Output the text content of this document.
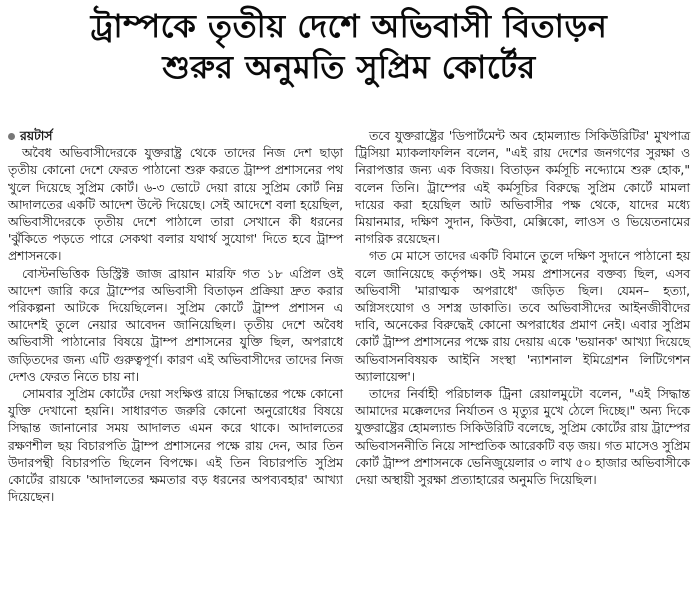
ট্রাম্পকে তৃতীয় দেশে অভিবাসী বিতাড়ন
শুরুর অনুমতি সুপ্রিম কোর্টের
রয়টার্স

অবৈধ অভিবাসীদেরকে যুক্তরাষ্ট্র থেকে তাদের নিজ দেশ ছাড়া তৃতীয় কোনো দেশে ফেরত পাঠানো শুরু করতে ট্রাম্প প্রশাসনের পথ খুলে দিয়েছে সুপ্রিম কোর্ট। ৬-৩ ভোটে দেয়া রায়ে সুপ্রিম কোর্ট নিম্ন আদালতের একটি আদেশ উল্টে দিয়েছে। সেই আদেশে বলা হয়েছিল, অভিবাসীদেরকে তৃতীয় দেশে পাঠালে তারা সেখানে কী ধরনের 'ঝুঁকিতে পড়তে পারে সেকথা বলার যথার্থ সুযোগ' দিতে হবে ট্রাম্প প্রশাসনকে।

বোস্টনভিত্তিক ডিস্ট্রিক্ট জাজ ব্রায়ান মারফি গত ১৮ এপ্রিল ওই আদেশ জারি করে ট্রাম্পের অভিবাসী বিতাড়ন প্রক্রিয়া দ্রুত করার পরিকল্পনা আটকে দিয়েছিলেন। সুপ্রিম কোর্টে ট্রাম্প প্রশাসন এ আদেশই তুলে নেয়ার আবেদন জানিয়েছিল। তৃতীয় দেশে অবৈধ অভিবাসী পাঠানোর বিষয়ে ট্রাম্প প্রশাসনের যুক্তি ছিল, অপরাধে জড়িতদের জন্য এটি গুরুত্বপূর্ণ। কারণ এই অভিবাসীদের তাদের নিজ দেশও ফেরত নিতে চায় না।

সোমবার সুপ্রিম কোর্টের দেয়া সংক্ষিপ্ত রায়ে সিদ্ধান্তের পক্ষে কোনো যুক্তি দেখানো হয়নি। সাধারণত জরুরি কোনো অনুরোধের বিষয়ে সিদ্ধান্ত জানানোর সময় আদালত এমন করে থাকে। আদালতের রক্ষণশীল ছয় বিচারপতি ট্রাম্প প্রশাসনের পক্ষে রায় দেন, আর তিন উদারপন্থী বিচারপতি ছিলেন বিপক্ষে। এই তিন বিচারপতি সুপ্রিম কোর্টের রায়কে 'আদালতের ক্ষমতার বড় ধরনের অপব্যবহার' আখ্যা দিয়েছেন।

তবে যুক্তরাষ্ট্রের 'ডিপার্টমেন্ট অব হোমল্যান্ড সিকিউরিটির' মুখপাত্র ট্রিসিয়া ম্যাকলাফলিন বলেন, "এই রায় দেশের জনগণের সুরক্ষা ও নিরাপত্তার জন্য এক বিজয়। বিতাড়ন কর্মসূচি নব্দ্যোমে শুরু হোক," বলেন তিনি। ট্রাম্পের এই কর্মসূচির বিরুদ্ধে সুপ্রিম কোর্টে মামলা দায়ের করা হয়েছিল আট অভিবাসীর পক্ষ থেকে, যাদের মধ্যে মিয়ানমার, দক্ষিণ সুদান, কিউবা, মেক্সিকো, লাওস ও ভিয়েতনামের নাগরিক রয়েছেন।

গত মে মাসে তাদের একটি বিমানে তুলে দক্ষিণ সুদানে পাঠানো হয় বলে জানিয়েছে কর্তৃপক্ষ। ওই সময় প্রশাসনের বক্তব্য ছিল, এসব অভিবাসী 'মারাত্মক অপরাধে' জড়িত ছিল। যেমন– হত্যা, অগ্নিসংযোগ ও সশস্ত্র ডাকাতি। তবে অভিবাসীদের আইনজীবীদের দাবি, অনেকের বিরুদ্ধেই কোনো অপরাধের প্রমাণ নেই। এবার সুপ্রিম কোর্ট ট্রাম্প প্রশাসনের পক্ষে রায় দেয়ায় একে 'ভয়ানক' আখ্যা দিয়েছে অভিবাসনবিষয়ক আইনি সংস্থা 'ন্যাশনাল ইমিগ্রেশন লিটিগেশন অ্যালায়েন্স'।

তাদের নির্বাহী পরিচালক ট্রিনা রেয়ালমুটো বলেন, "এই সিদ্ধান্ত আমাদের মক্কেলদের নির্যাতন ও মৃত্যুর মুখে ঠেলে দিচ্ছে।" অন্য দিকে যুক্তরাষ্ট্রের হোমল্যান্ড সিকিউরিটি বলেছে, সুপ্রিম কোর্টের রায় ট্রাম্পের অভিবাসননীতি নিয়ে সাম্প্রতিক আরেকটি বড় জয়। গত মাসেও সুপ্রিম কোর্ট ট্রাম্প প্রশাসনকে ভেনিজুয়েলার ৩ লাখ ৫০ হাজার অভিবাসীকে দেয়া অস্থায়ী সুরক্ষা প্রত্যাহারের অনুমতি দিয়েছিল।
